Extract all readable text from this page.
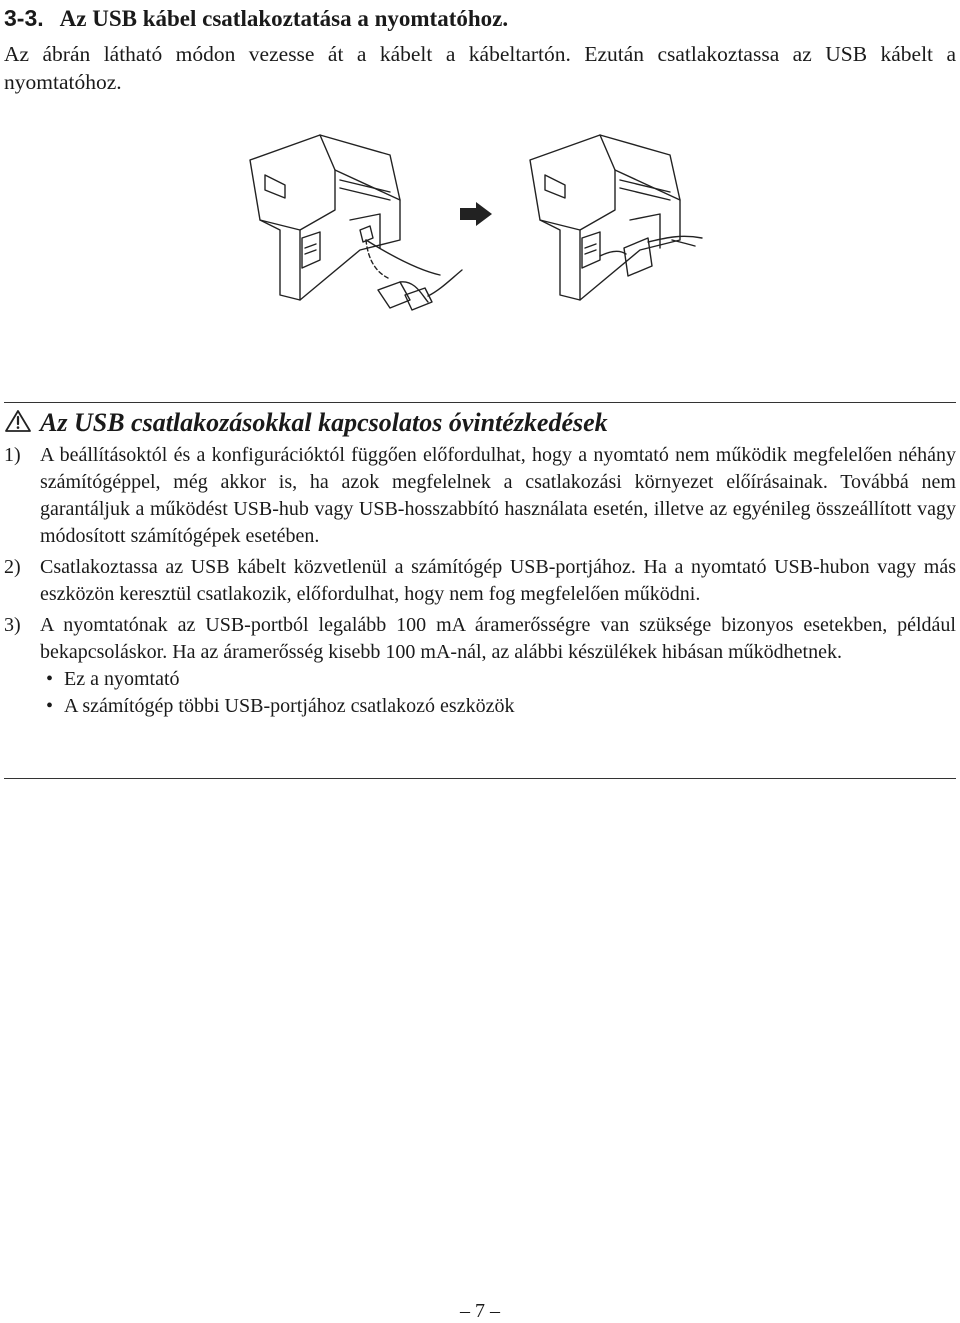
3-3. Az USB kábel csatlakoztatása a nyomtatóhoz.
Az ábrán látható módon vezesse át a kábelt a kábeltartón. Ezután csatlakoztassa az USB kábelt a nyomtatóhoz.
Az USB csatlakozásokkal kapcsolatos óvintézkedések
1) A beállításoktól és a konfigurációktól függően előfordulhat, hogy a nyomtató nem működik megfelelően néhány számítógéppel, még akkor is, ha azok megfelelnek a csatlakozási környezet előírásainak. Továbbá nem garantáljuk a működést USB-hub vagy USB-hosszabbító használata esetén, illetve az egyénileg összeállított vagy módosított számítógépek esetében.
2) Csatlakoztassa az USB kábelt közvetlenül a számítógép USB-portjához. Ha a nyomtató USB-hubon vagy más eszközön keresztül csatlakozik, előfordulhat, hogy nem fog megfelelően működni.
3) A nyomtatónak az USB-portból legalább 100 mA áramerősségre van szüksége bizonyos esetekben, például bekapcsoláskor. Ha az áramerősség kisebb 100 mA-nál, az alábbi készülékek hibásan működhetnek.
• Ez a nyomtató
• A számítógép többi USB-portjához csatlakozó eszközök
– 7 –
